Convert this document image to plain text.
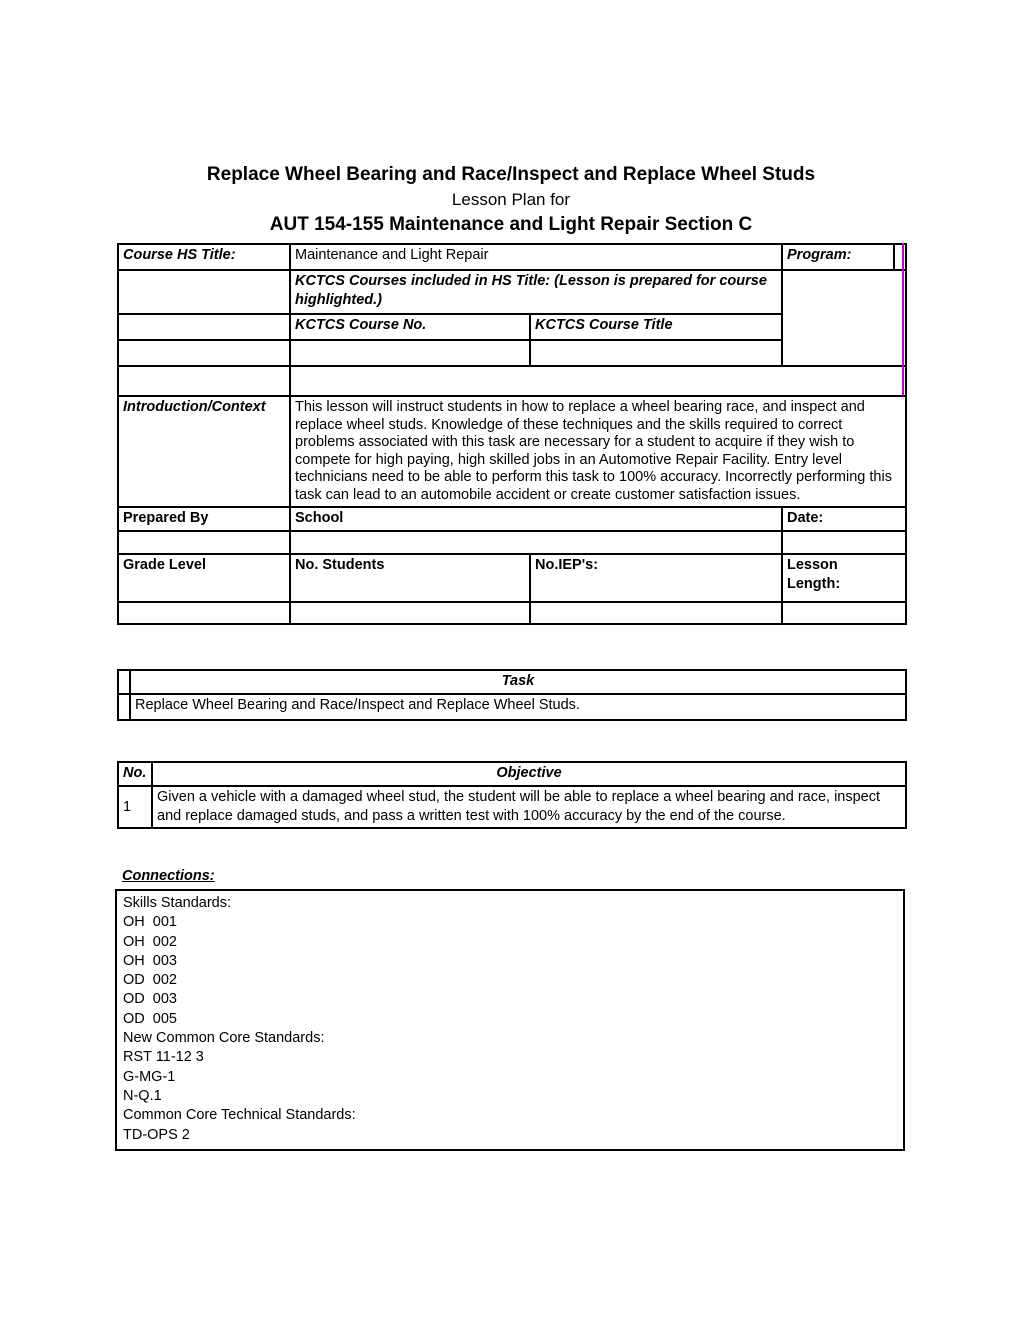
Replace Wheel Bearing and Race/Inspect and Replace Wheel Studs
Lesson Plan for
AUT 154-155 Maintenance and Light Repair Section C
Course HS Title:	Maintenance and Light Repair		Program:	
	KCTCS Courses included in HS Title: (Lesson is prepared for course highlighted.)			
	KCTCS Course No.	KCTCS Course Title		

Introduction/Context	This lesson will instruct students in how to replace a wheel bearing race, and inspect and replace wheel studs. Knowledge of these techniques and the skills required to correct problems associated with this task are necessary for a student to acquire if they wish to compete for high paying, high skilled jobs in an Automotive Repair Facility. Entry level technicians need to be able to perform this task to 100% accuracy. Incorrectly performing this task can lead to an automobile accident or create customer satisfaction issues.			
Prepared By	School		Date:	

Grade Level	No. Students	No.IEP's:	Lesson Length:	

	Task
	Replace Wheel Bearing and Race/Inspect and Replace Wheel Studs.
No.	Objective
1	Given a vehicle with a damaged wheel stud, the student will be able to replace a wheel bearing and race, inspect and replace damaged studs, and pass a written test with 100% accuracy by the end of the course.
Connections:
Skills Standards:
OH  001
OH  002
OH  003
OD  002
OD  003
OD  005
New Common Core Standards:
RST 11-12 3
G-MG-1
N-Q.1
Common Core Technical Standards:
TD-OPS 2
